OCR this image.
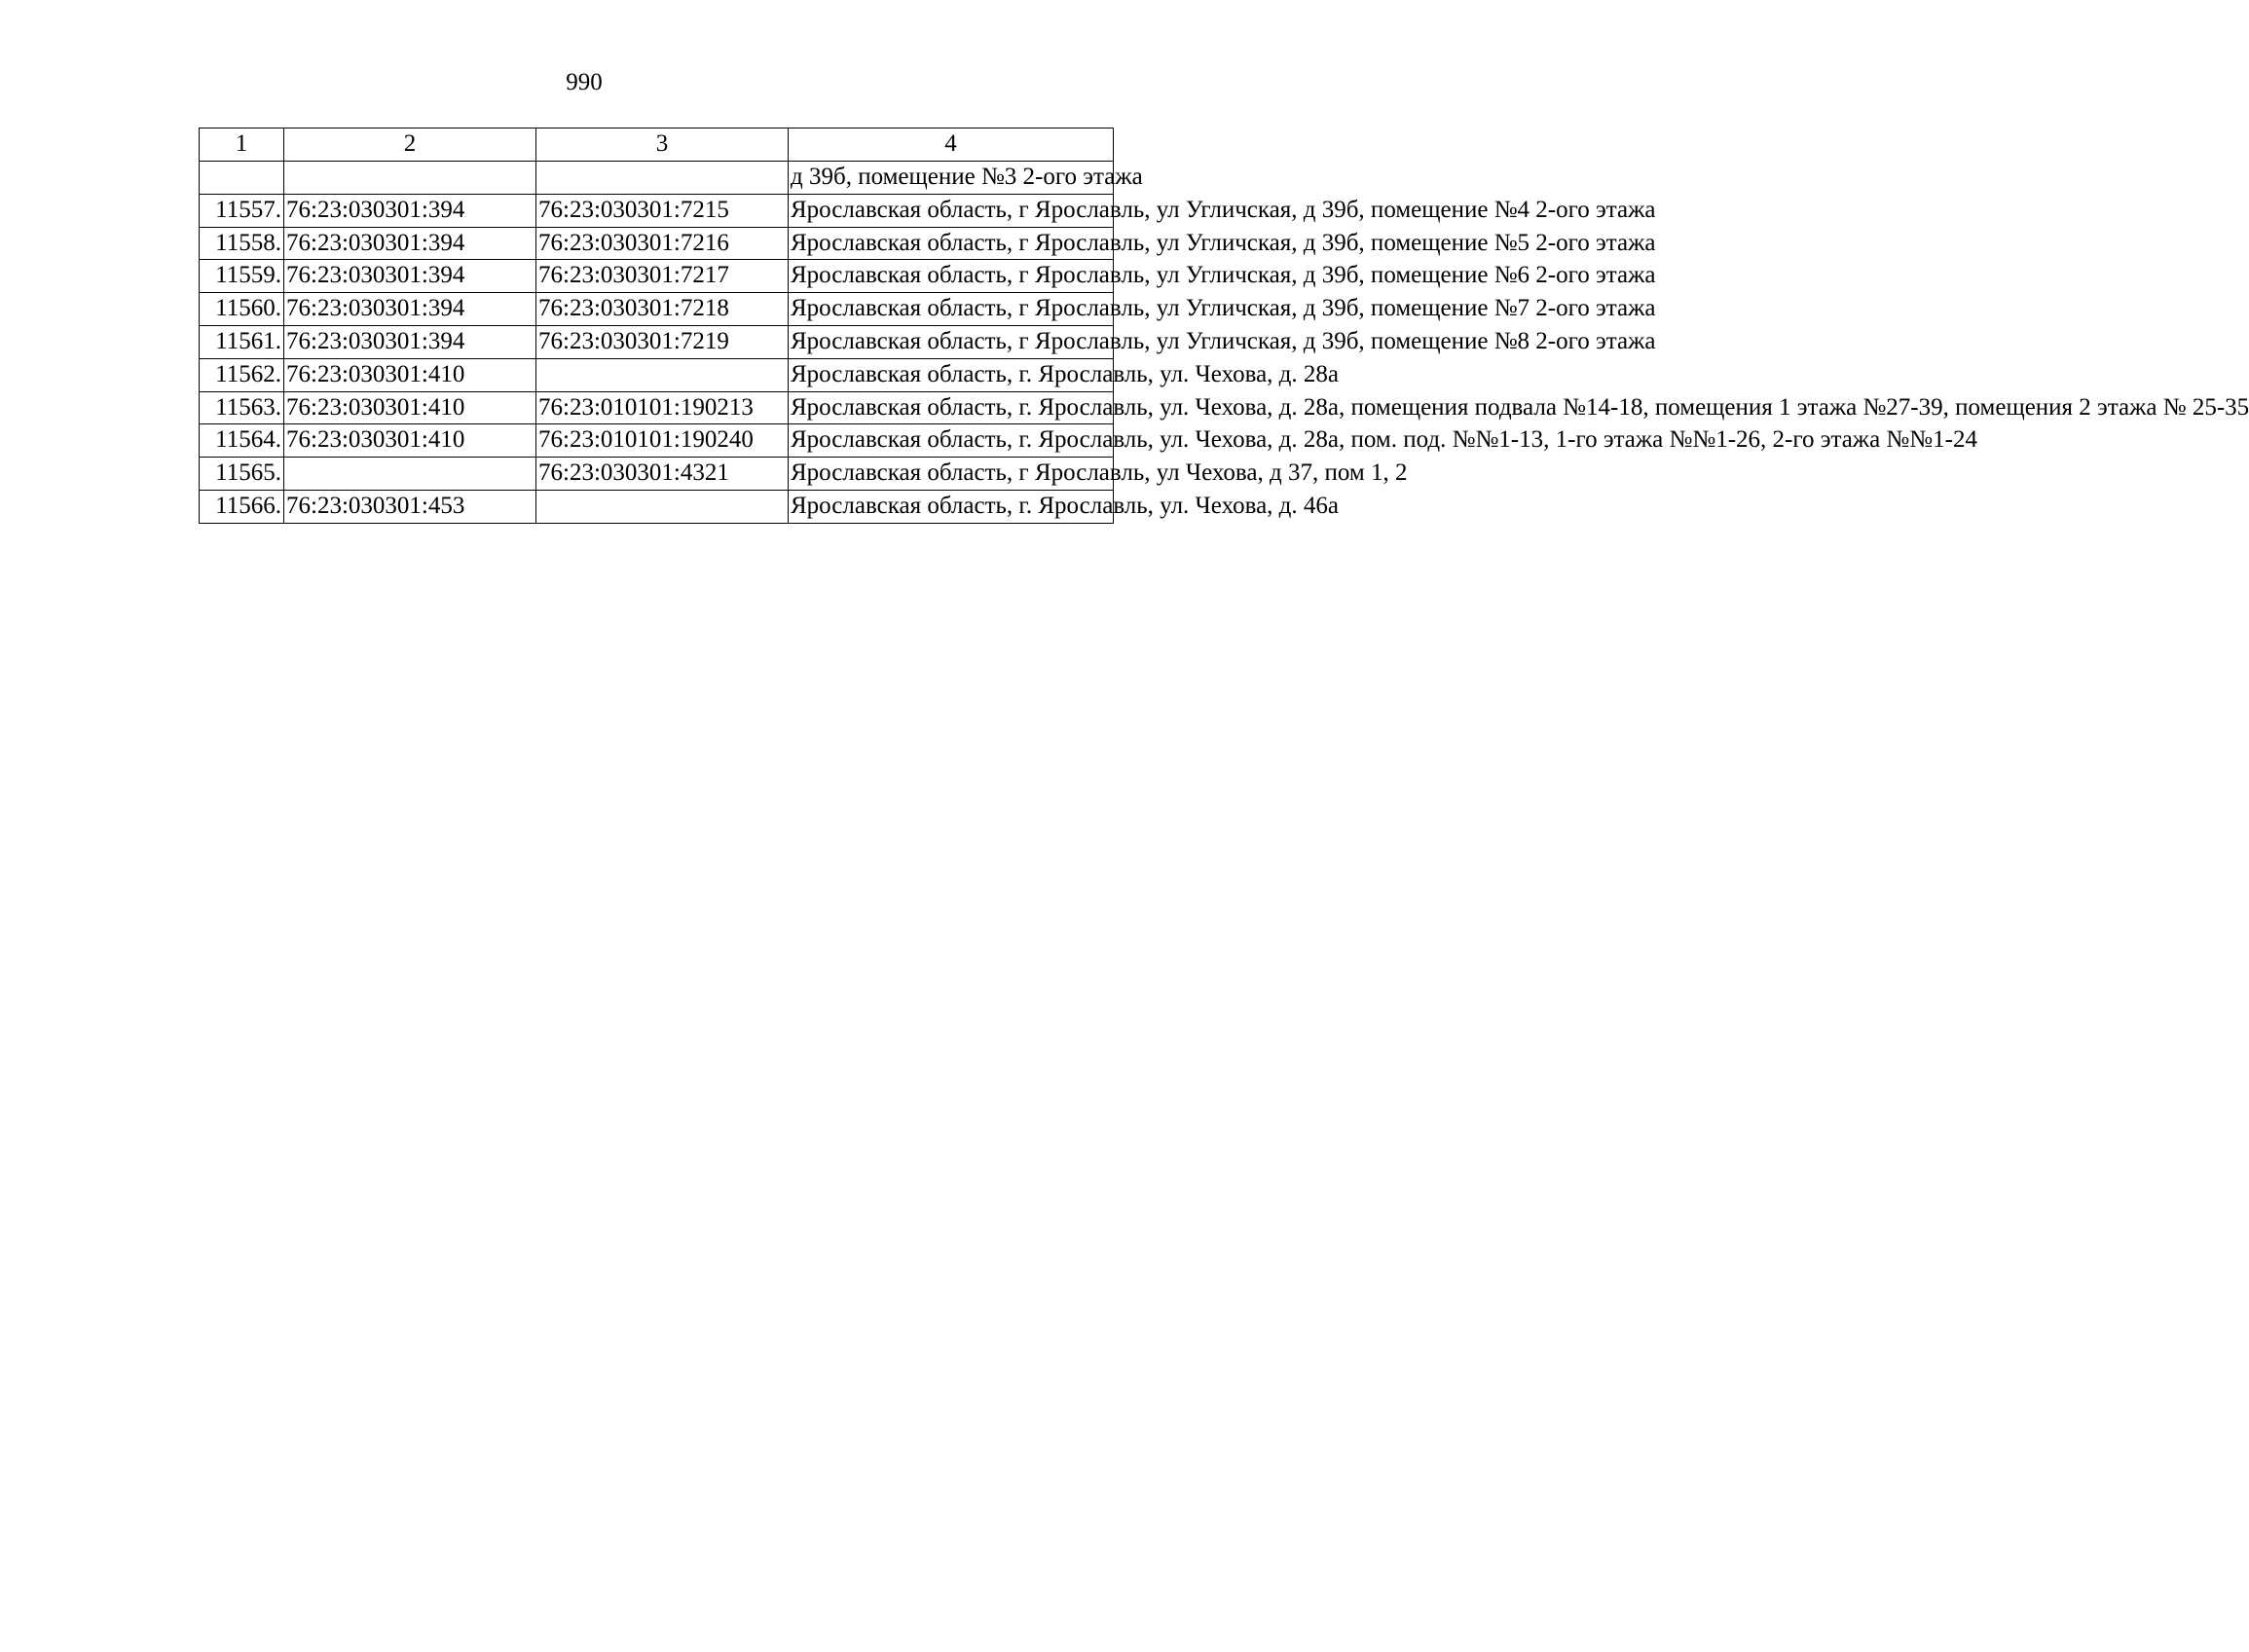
990
1	2	3	4
			д 39б, помещение №3 2-ого этажа
11557.	76:23:030301:394	76:23:030301:7215	Ярославская область, г Ярославль, ул Угличская, д 39б, помещение №4 2-ого этажа
11558.	76:23:030301:394	76:23:030301:7216	Ярославская область, г Ярославль, ул Угличская, д 39б, помещение №5 2-ого этажа
11559.	76:23:030301:394	76:23:030301:7217	Ярославская область, г Ярославль, ул Угличская, д 39б, помещение №6 2-ого этажа
11560.	76:23:030301:394	76:23:030301:7218	Ярославская область, г Ярославль, ул Угличская, д 39б, помещение №7 2-ого этажа
11561.	76:23:030301:394	76:23:030301:7219	Ярославская область, г Ярославль, ул Угличская, д 39б, помещение №8 2-ого этажа
11562.	76:23:030301:410		Ярославская область, г. Ярославль, ул. Чехова, д. 28а
11563.	76:23:030301:410	76:23:010101:190213	Ярославская область, г. Ярославль, ул. Чехова, д. 28а, помещения подвала №14-18, помещения 1 этажа №27-39, помещения 2 этажа № 25-35
11564.	76:23:030301:410	76:23:010101:190240	Ярославская область, г. Ярославль, ул. Чехова, д. 28а, пом. под. №№1-13, 1-го этажа №№1-26, 2-го этажа №№1-24
11565.		76:23:030301:4321	Ярославская область, г Ярославль, ул Чехова, д 37, пом 1, 2
11566.	76:23:030301:453		Ярославская область, г. Ярославль, ул. Чехова, д. 46а
